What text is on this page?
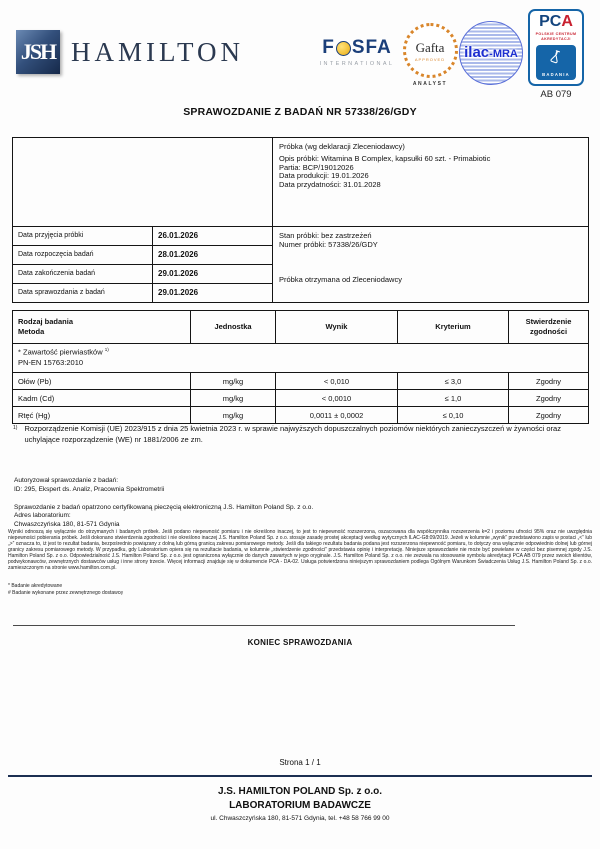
JSH HAMILTON	F SFA
INTERNATIONAL
Gafta
APPROVED
ANALYST
ilac-MRA
PCA
POLSKIE CENTRUM
AKREDYTACJI
BADANIA
AB 079
SPRAWOZDANIE Z BADAŃ NR 57338/26/GDY

		Próbka (wg deklaracji Zleceniodawcy)
Opis próbki: Witamina B Complex, kapsułki 60 szt. - Primabiotic
Partia: BCP/19012026
Data produkcji: 19.01.2026
Data przydatności: 31.01.2028

Data przyjęcia próbki	26.01.2026	Stan próbki: bez zastrzeżeń
Numer próbki: 57338/26/GDY
Próbka otrzymana od Zleceniodawcy

Data rozpoczęcia badań	28.01.2026	
Data zakończenia badań	29.01.2026	
Data sprawozdania z badań	29.01.2026	
Rodzaj badania
Metoda
	Jednostka	Wynik	Kryterium	
Stwierdzenie
zgodności

* Zawartość pierwiastków $^{1)}$
PN-EN 15763:2010				

Ołów (Pb)	mg/kg	< 0,010	≤ 3,0	Zgodny
Kadm (Cd)	mg/kg	< 0,0010	≤ 1,0	Zgodny
Rtęć (Hg)	mg/kg	0,0011 ± 0,0002	≤ 0,10	Zgodny
1) Rozporządzenie Komisji (UE) 2023/915 z dnia 25 kwietnia 2023 r. w sprawie najwyższych dopuszczalnych poziomów niektórych zanieczyszczeń w żywności oraz uchylające rozporządzenie (WE) nr 1881/2006 ze zm.
Autoryzował sprawozdanie z badań:
ID: 295, Ekspert ds. Analiz, Pracownia Spektrometrii
Sprawozdanie z badań opatrzono certyfikowaną pieczęcią elektroniczną J.S. Hamilton Poland Sp. z o.o.
Adres laboratorium:
Chwaszczyńska 180, 81-571 Gdynia
Wyniki odnoszą się wyłącznie do otrzymanych i badanych próbek. Jeśli podano niepewność pomiaru i nie określono inaczej, to jest to niepewność rozszerzona, oszacowana dla współczynnika rozszerzenia k=2 i poziomu ufności 95% oraz nie uwzględnia niepewności pobierania próbek. Jeśli dokonano stwierdzenia zgodności i nie określono inaczej J.S. Hamilton Poland Sp. z o.o. stosuje zasadę prostej akceptacji według wytycznych ILAC-G8:09/2019. Jeżeli w kolumnie „wynik” przedstawiono zapis w postaci „<” lub „>” oznacza to, iż jest to rezultat badania, bezpośrednio powiązany z dolną lub górną granicą zakresu pomiarowego metody. Jeśli dla takiego rezultatu badania podana jest rozszerzona niepewność pomiaru, to dotyczy ona wyłącznie odpowiednio dolnej lub górnej granicy zakresu pomiarowego metody. W przypadku, gdy Laboratorium opiera się na rezultacie badania, w kolumnie „stwierdzenie zgodności” przedstawia opinię i interpretację. Niniejsze sprawozdanie nie może być powielane w części bez pisemnej zgody J.S. Hamilton Poland Sp. z o.o. Odpowiedzialność J.S. Hamilton Poland Sp. z o.o. jest ograniczona wyłącznie do danych zawartych w jego oryginale. J.S. Hamilton Poland Sp. z o.o. nie zezwala na stosowanie symbolu akredytacji PCA AB 079 przez swoich klientów, podwykonawców, zewnętrznych dostawców usług i inne strony trzecie. Więcej informacji znajduje się w dokumencie PCA - DA-02. Usługa potwierdzona niniejszym sprawozdaniem podlega Ogólnym Warunkom Świadczenia Usług J.S. Hamilton Poland Sp. z o.o. zamieszczonym na stronie www.hamilton.com.pl.
* Badanie akredytowane
# Badanie wykonane przez zewnętrznego dostawcę
KONIEC SPRAWOZDANIA
Strona 1 / 1
J.S. HAMILTON POLAND Sp. z o.o.
LABORATORIUM BADAWCZE
ul. Chwaszczyńska 180, 81-571 Gdynia, tel. +48 58 766 99 00
